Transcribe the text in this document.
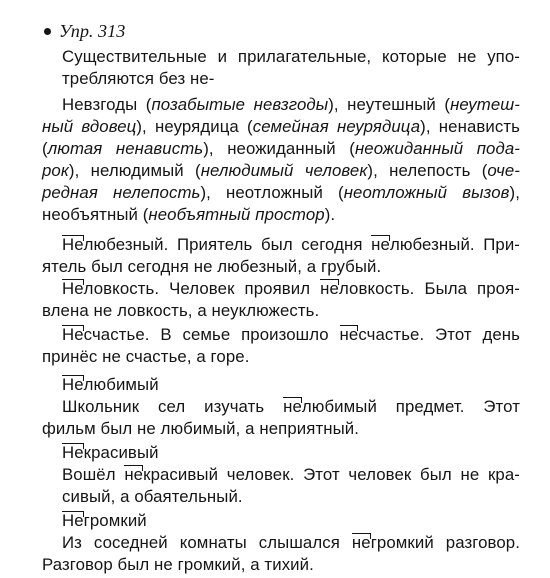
Упр. 313
Существительные и прилагательные, которые не упо-
требляются без не-
Невзгоды (позабытые невзгоды), неутешный (неутеш-
ный вдовец), неурядица (семейная неурядица), ненависть
(лютая ненависть), неожиданный (неожиданный пода-
рок), нелюдимый (нелюдимый человек), нелепость (оче-
редная нелепость), неотложный (неотложный вызов),
необъятный (необъятный простор).
Нелюбезный. Приятель был сегодня нелюбезный. При-
ятель был сегодня не любезный, а грубый.
Неловкость. Человек проявил неловкость. Была проя-
влена не ловкость, а неуклюжесть.
Несчастье. В семье произошло несчастье. Этот день
принёс не счастье, а горе.
Нелюбимый
Школьник сел изучать нелюбимый предмет. Этот
фильм был не любимый, а неприятный.
Некрасивый
Вошёл некрасивый человек. Этот человек был не кра-
сивый, а обаятельный.
Негромкий
Из соседней комнаты слышался негромкий разговор.
Разговор был не громкий, а тихий.
